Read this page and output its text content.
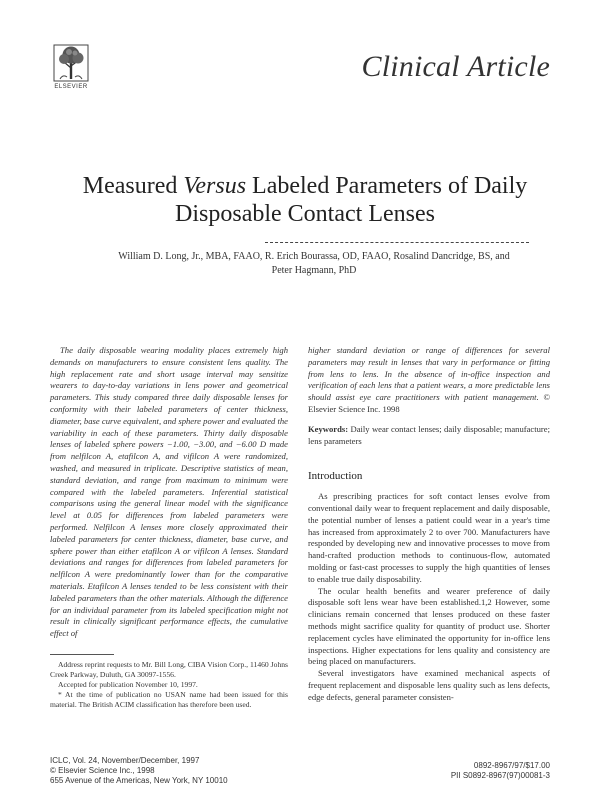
ELSEVIER
Clinical Article
Measured Versus Labeled Parameters of Daily
Disposable Contact Lenses
William D. Long, Jr., MBA, FAAO, R. Erich Bourassa, OD, FAAO, Rosalind Dancridge, BS, and
Peter Hagmann, PhD

The daily disposable wearing modality places extremely high demands on manufacturers to ensure consistent lens quality. The high replacement rate and short usage interval may sensitize wearers to day-to-day variations in lens power and geometrical parameters. This study compared three daily disposable lenses for conformity with their labeled parameters of center thickness, diameter, base curve equivalent, and sphere power and evaluated the variability in each of these parameters. Thirty daily disposable lenses of labeled sphere powers −1.00, −3.00, and −6.00 D made from nelfilcon A, etafilcon A, and vifilcon A were randomized, washed, and measured in triplicate. Descriptive statistics of mean, standard deviation, and range from maximum to minimum were compared with the labeled parameters. Inferential statistical comparisons using the general linear model with the significance level at 0.05 for differences from labeled parameters were performed. Nelfilcon A lenses more closely approximated their labeled parameters for center thickness, diameter, base curve, and sphere power than either etafilcon A or vifilcon A lenses. Standard deviations and ranges for differences from labeled parameters for nelfilcon A were predominantly lower than for the comparative materials. Etafilcon A lenses tended to be less consistent with their labeled parameters than the other materials. Although the difference for an individual parameter from its labeled specification might not result in clinically significant performance effects, the cumulative effect of

Address reprint requests to Mr. Bill Long, CIBA Vision Corp., 11460 Johns Creek Parkway, Duluth, GA 30097-1556.

Accepted for publication November 10, 1997.

* At the time of publication no USAN name had been issued for this material. The British ACIM classification has therefore been used.

higher standard deviation or range of differences for several parameters may result in lenses that vary in performance or fitting from lens to lens. In the absence of in-office inspection and verification of each lens that a patient wears, a more predictable lens should assist eye care practitioners with patient management. © Elsevier Science Inc. 1998

Keywords: Daily wear contact lenses; daily disposable; manufacture; lens parameters

Introduction

As prescribing practices for soft contact lenses evolve from conventional daily wear to frequent replacement and daily disposable, the potential number of lenses a patient could wear in a year's time has increased from approximately 2 to over 700. Manufacturers have responded by developing new and innovative processes to move from hand-crafted production methods to continuous-flow, automated molding or fast-cast processes to supply the high quantities of lenses to enable true daily disposability.

The ocular health benefits and wearer preference of daily disposable soft lens wear have been established.1,2 However, some clinicians remain concerned that lenses produced on these faster methods might sacrifice quality for quantity of product use. Shorter replacement cycles have eliminated the opportunity for in-office lens inspections. Higher expectations for lens quality and consistency are being placed on manufacturers.

Several investigators have examined mechanical aspects of frequent replacement and disposable lens quality such as lens defects, edge defects, general parameter consisten-

ICLC, Vol. 24, November/December, 1997
© Elsevier Science Inc., 1998
655 Avenue of the Americas, New York, NY 10010
0892-8967/97/$17.00
PII S0892-8967(97)00081-3
